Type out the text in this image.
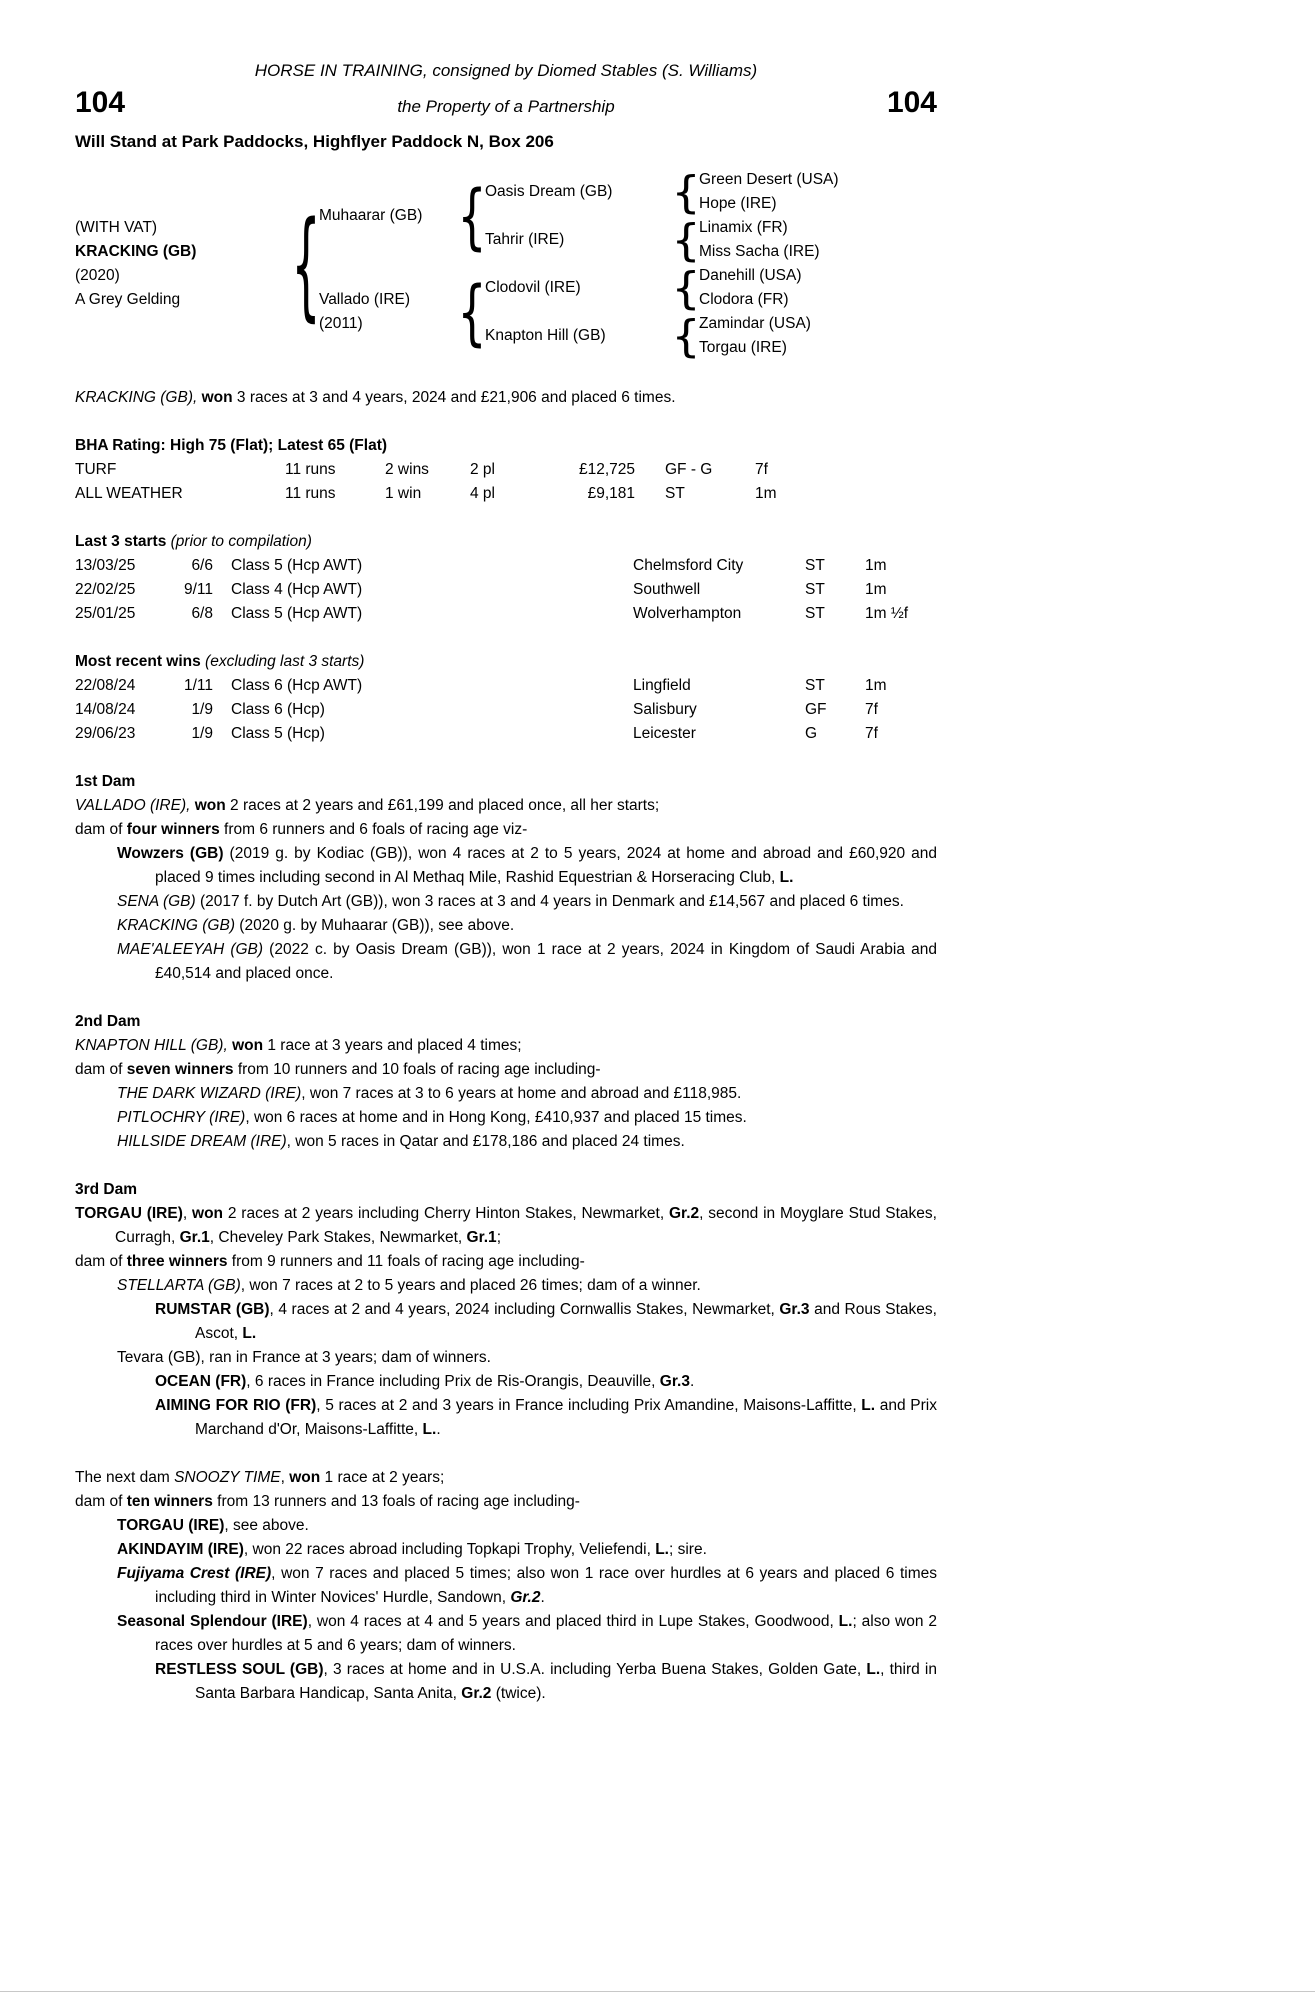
HORSE IN TRAINING, consigned by Diomed Stables (S. Williams)
104	the Property of a Partnership	104
Will Stand at Park Paddocks, Highflyer Paddock N, Box 206
(WITH VAT)
KRACKING (GB)
(2020)
A Grey Gelding	{
Muhaarar (GB) {
Oasis Dream (GB)	{
Green Desert (USA)
Hope (IRE)
Tahrir (IRE)	{
Linamix (FR)
Miss Sacha (IRE)
Vallado (IRE)
(2011)	{
Clodovil (IRE)	{
Danehill (USA)
Clodora (FR)
Knapton Hill (GB)	{
Zamindar (USA)
Torgau (IRE)
KRACKING (GB), won 3 races at 3 and 4 years, 2024 and £21,906 and placed 6 times.
BHA Rating: High 75 (Flat); Latest 65 (Flat)
TURF	11 runs	2 wins	2 pl	£12,725	GF - G	7f
ALL WEATHER	11 runs	1 win	4 pl	£9,181	ST	1m
Last 3 starts (prior to compilation)
13/03/25	6/6	Class 5 (Hcp AWT)	Chelmsford City	ST	1m
22/02/25	9/11	Class 4 (Hcp AWT)	Southwell	ST	1m
25/01/25	6/8	Class 5 (Hcp AWT)	Wolverhampton	ST	1m ½f
Most recent wins (excluding last 3 starts)
22/08/24	1/11	Class 6 (Hcp AWT)	Lingfield	ST	1m
14/08/24	1/9	Class 6 (Hcp)	Salisbury	GF	7f
29/06/23	1/9	Class 5 (Hcp)	Leicester	G	7f
1st Dam
VALLADO (IRE), won 2 races at 2 years and £61,199 and placed once, all her starts;
dam of four winners from 6 runners and 6 foals of racing age viz-
Wowzers (GB) (2019 g. by Kodiac (GB)), won 4 races at 2 to 5 years, 2024 at home and abroad and £60,920 and placed 9 times including second in Al Methaq Mile, Rashid Equestrian & Horseracing Club, L.
SENA (GB) (2017 f. by Dutch Art (GB)), won 3 races at 3 and 4 years in Denmark and £14,567 and placed 6 times.
KRACKING (GB) (2020 g. by Muhaarar (GB)), see above.
MAE'ALEEYAH (GB) (2022 c. by Oasis Dream (GB)), won 1 race at 2 years, 2024 in Kingdom of Saudi Arabia and £40,514 and placed once.
2nd Dam
KNAPTON HILL (GB), won 1 race at 3 years and placed 4 times;
dam of seven winners from 10 runners and 10 foals of racing age including-
THE DARK WIZARD (IRE), won 7 races at 3 to 6 years at home and abroad and £118,985.
PITLOCHRY (IRE), won 6 races at home and in Hong Kong, £410,937 and placed 15 times.
HILLSIDE DREAM (IRE), won 5 races in Qatar and £178,186 and placed 24 times.
3rd Dam
TORGAU (IRE), won 2 races at 2 years including Cherry Hinton Stakes, Newmarket, Gr.2, second in Moyglare Stud Stakes, Curragh, Gr.1, Cheveley Park Stakes, Newmarket, Gr.1;
dam of three winners from 9 runners and 11 foals of racing age including-
STELLARTA (GB), won 7 races at 2 to 5 years and placed 26 times; dam of a winner.
RUMSTAR (GB), 4 races at 2 and 4 years, 2024 including Cornwallis Stakes, Newmarket, Gr.3 and Rous Stakes, Ascot, L.
Tevara (GB), ran in France at 3 years; dam of winners.
OCEAN (FR), 6 races in France including Prix de Ris-Orangis, Deauville, Gr.3.
AIMING FOR RIO (FR), 5 races at 2 and 3 years in France including Prix Amandine, Maisons-Laffitte, L. and Prix Marchand d'Or, Maisons-Laffitte, L..
The next dam SNOOZY TIME, won 1 race at 2 years;
dam of ten winners from 13 runners and 13 foals of racing age including-
TORGAU (IRE), see above.
AKINDAYIM (IRE), won 22 races abroad including Topkapi Trophy, Veliefendi, L.; sire.
Fujiyama Crest (IRE), won 7 races and placed 5 times; also won 1 race over hurdles at 6 years and placed 6 times including third in Winter Novices' Hurdle, Sandown, Gr.2.
Seasonal Splendour (IRE), won 4 races at 4 and 5 years and placed third in Lupe Stakes, Goodwood, L.; also won 2 races over hurdles at 5 and 6 years; dam of winners.
RESTLESS SOUL (GB), 3 races at home and in U.S.A. including Yerba Buena Stakes, Golden Gate, L., third in Santa Barbara Handicap, Santa Anita, Gr.2 (twice).
